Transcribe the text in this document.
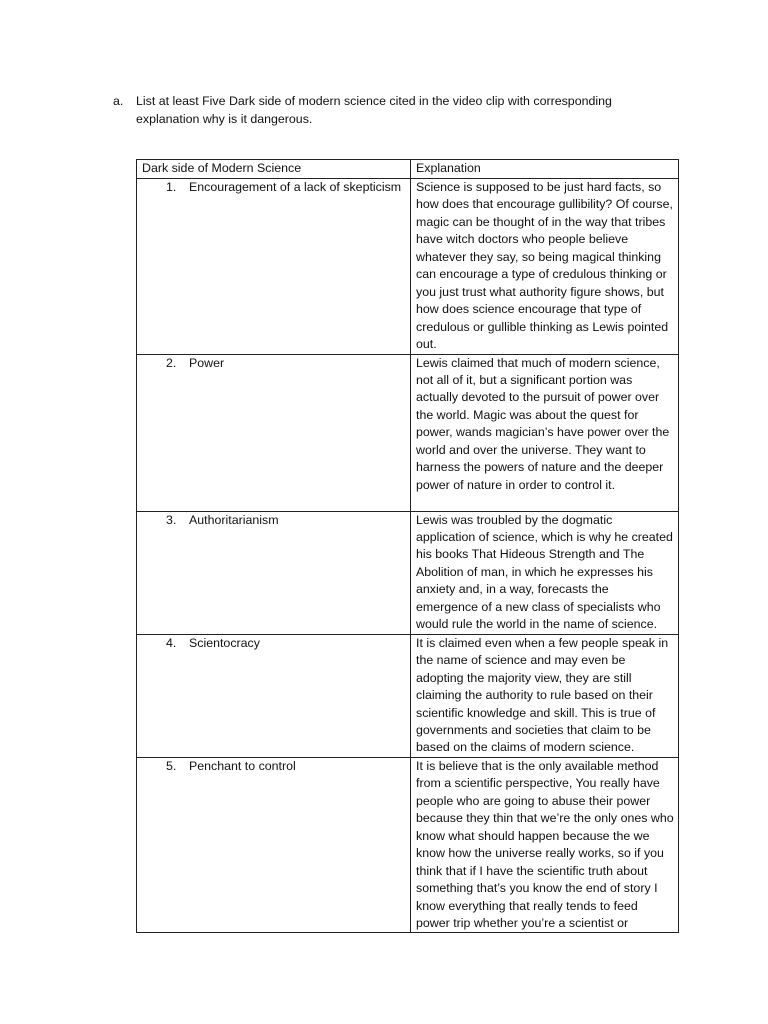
a. List at least Five Dark side of modern science cited in the video clip with corresponding explanation why is it dangerous.
Dark side of Modern Science	Explanation

1. Encouragement of a lack of skepticism	Science is supposed to be just hard facts, so how does that encourage gullibility? Of course, magic can be thought of in the way that tribes have witch doctors who people believe whatever they say, so being magical thinking can encourage a type of credulous thinking or you just trust what authority figure shows, but how does science encourage that type of credulous or gullible thinking as Lewis pointed out.

2. Power	Lewis claimed that much of modern science, not all of it, but a significant portion was actually devoted to the pursuit of power over the world. Magic was about the quest for power, wands magician’s have power over the world and over the universe. They want to harness the powers of nature and the deeper power of nature in order to control it.

3. Authoritarianism	Lewis was troubled by the dogmatic application of science, which is why he created his books That Hideous Strength and The Abolition of man, in which he expresses his anxiety and, in a way, forecasts the emergence of a new class of specialists who would rule the world in the name of science.

4. Scientocracy	It is claimed even when a few people speak in the name of science and may even be adopting the majority view, they are still claiming the authority to rule based on their scientific knowledge and skill. This is true of governments and societies that claim to be based on the claims of modern science.

5. Penchant to control	It is believe that is the only available method from a scientific perspective, You really have people who are going to abuse their power because they thin that we’re the only ones who know what should happen because the we know how the universe really works, so if you think that if I have the scientific truth about something that’s you know the end of story I know everything that really tends to feed power trip whether you’re a scientist or
